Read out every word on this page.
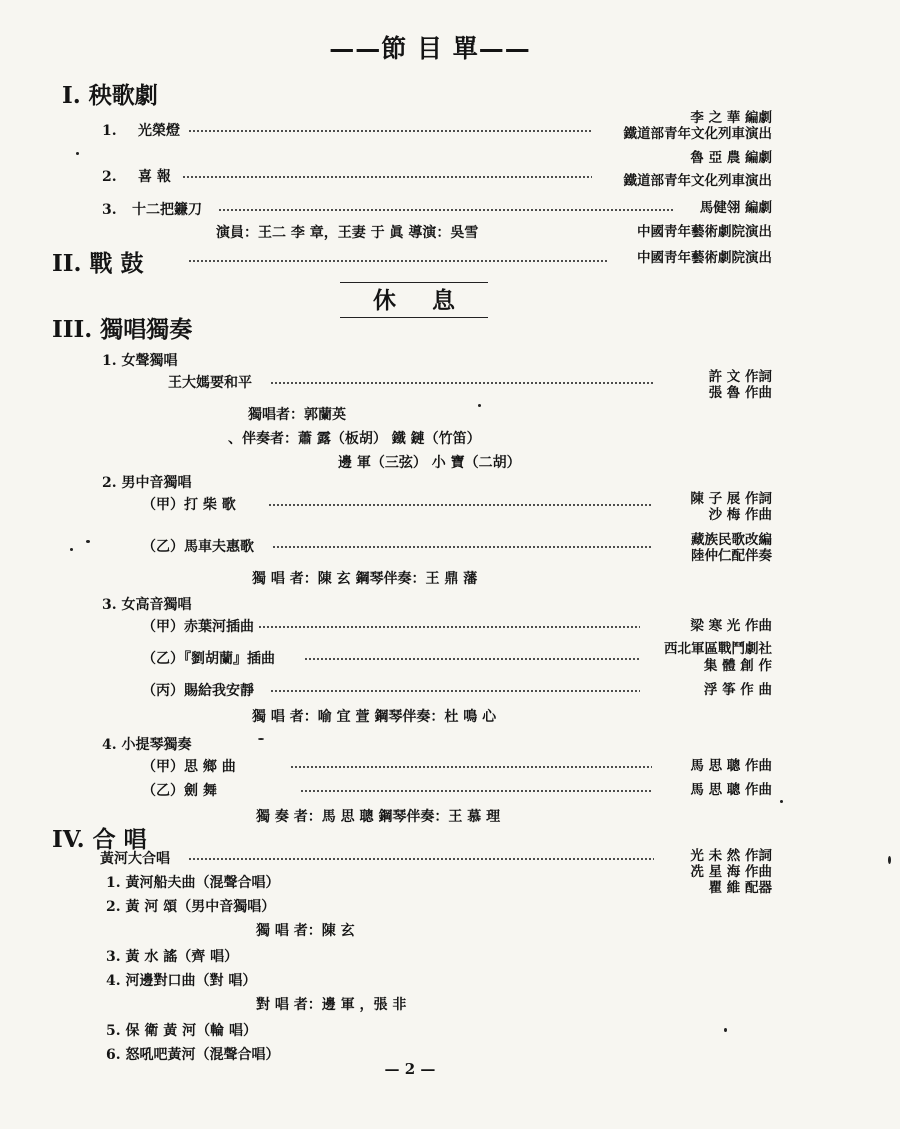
——節 目 單——
I. 秧歌劇
1. 光榮燈
李 之 華 編劇
鐵道部青年文化列車演出
2. 喜 報
魯 亞 農 編劇
鐵道部青年文化列車演出
3. 十二把鐮刀	馬健翎 編劇
演員：王二 李 章，王妻 于 眞 導演：吳雪	中國靑年藝術劇院演出
II. 戰 鼓	中國靑年藝術劇院演出
休 息
III. 獨唱獨奏
1. 女聲獨唱
王大媽要和平	許 文 作詞
張 魯 作曲
獨唱者：郭蘭英
、伴奏者：蕭 露（板胡） 鐵 鏈（竹笛）
邊 軍（三弦） 小 寶（二胡）
2. 男中音獨唱
（甲）打 柴 歌	陳 子 展 作詞
沙 梅 作曲
（乙）馬車夫惠歌	藏族民歌改編
陸仲仁配伴奏
獨 唱 者：陳 玄 鋼琴伴奏：王 鼎 藩
3. 女高音獨唱
（甲）赤葉河插曲	梁 寒 光 作曲
（乙）『劉胡蘭』插曲
西北軍區戰鬥劇社
集 體 創 作
（丙）賜給我安靜	浮 筝 作 曲
獨 唱 者：喻 宜 萱 鋼琴伴奏：杜 鳴 心
4. 小提琴獨奏
（甲）思 鄉 曲	馬 思 聰 作曲
（乙）劍 舞	馬 思 聰 作曲
獨 奏 者：馬 思 聰 鋼琴伴奏：王 慕 理
IV. 合 唱
黃河大合唱	光 未 然 作詞
冼 星 海 作曲
瞿 維 配器
1. 黃河船夫曲（混聲合唱）
2. 黃 河 頌（男中音獨唱）
獨 唱 者：陳 玄
3. 黃 水 謠（齊 唱）
4. 河邊對口曲（對 唱）
對 唱 者：邊 軍 ，張 非
5. 保 衛 黃 河（輪 唱）
6. 怒吼吧黃河（混聲合唱）
— 2 —
